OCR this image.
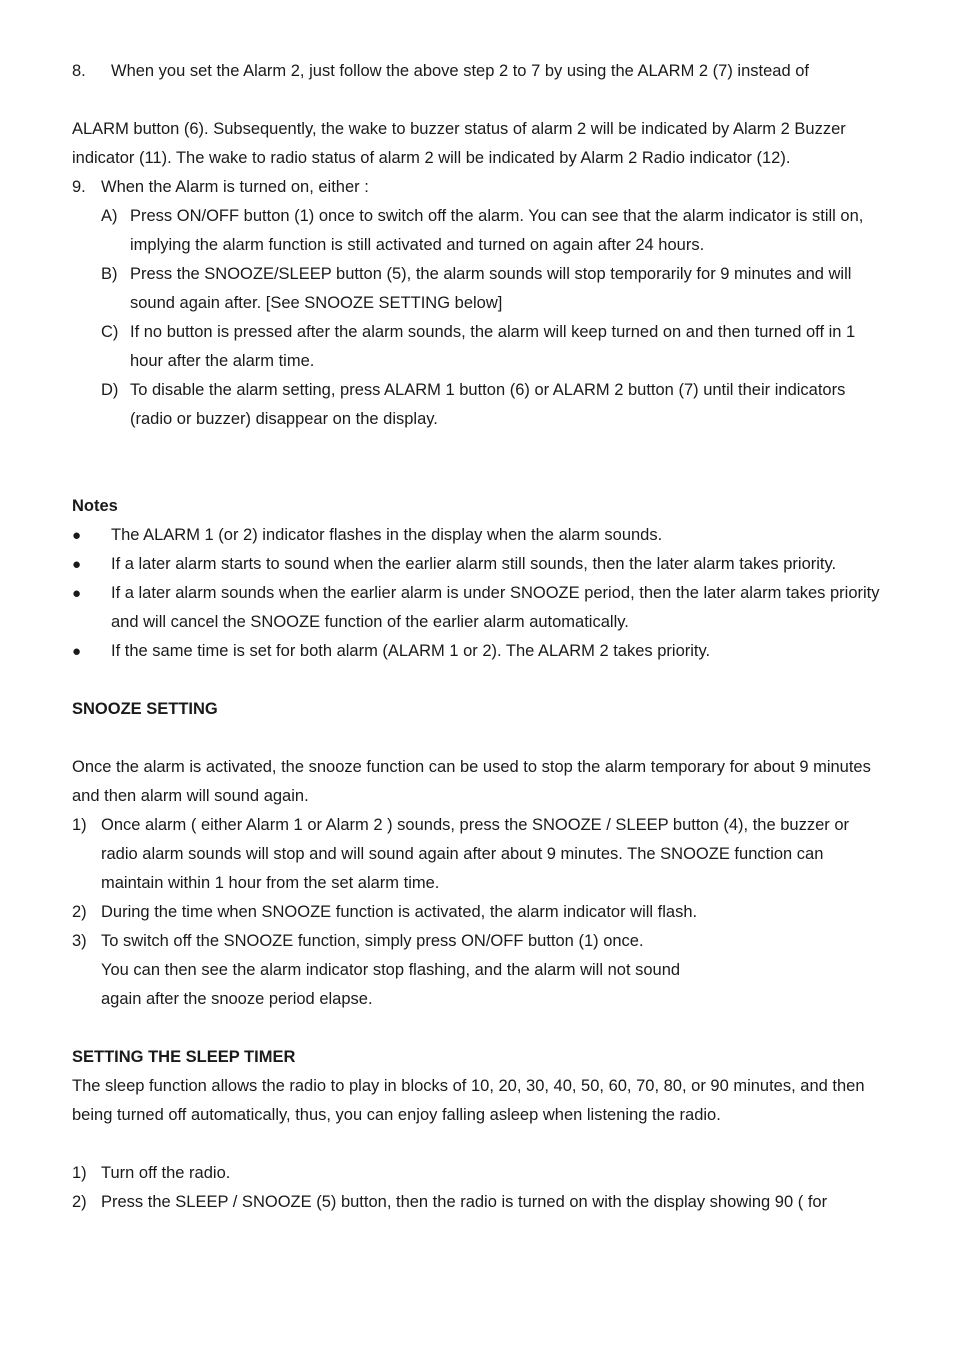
8.	When you set the Alarm 2, just follow the above step 2 to 7 by using the ALARM 2 (7) instead of

ALARM button (6). Subsequently, the wake to buzzer status of alarm 2 will be indicated by Alarm 2 Buzzer indicator (11). The wake to radio status of alarm 2 will be indicated by Alarm 2 Radio indicator (12).

9. When the Alarm is turned on, either :
A) Press ON/OFF button (1) once to switch off the alarm. You can see that the alarm indicator is still on, implying the alarm function is still activated and turned on again after 24 hours.
B) Press the SNOOZE/SLEEP button (5), the alarm sounds will stop temporarily for 9 minutes and will sound again after. [See SNOOZE SETTING below]
C) If no button is pressed after the alarm sounds, the alarm will keep turned on and then turned off in 1 hour after the alarm time.
D) To disable the alarm setting, press ALARM 1 button (6) or ALARM 2 button (7) until their indicators (radio or buzzer) disappear on the display.

Notes

●	The ALARM 1 (or 2) indicator flashes in the display when the alarm sounds.
●	If a later alarm starts to sound when the earlier alarm still sounds, then the later alarm takes priority.
●	If a later alarm sounds when the earlier alarm is under SNOOZE period, then the later alarm takes priority and will cancel the SNOOZE function of the earlier alarm automatically.
●	If the same time is set for both alarm (ALARM 1 or 2). The ALARM 2 takes priority.

SNOOZE SETTING

Once the alarm is activated, the snooze function can be used to stop the alarm temporary for about 9 minutes and then alarm will sound again.

1) Once alarm ( either Alarm 1 or Alarm 2 ) sounds, press the SNOOZE / SLEEP button (4), the buzzer or radio alarm sounds will stop and will sound again after about 9 minutes. The SNOOZE function can maintain within 1 hour from the set alarm time.
2) During the time when SNOOZE function is activated, the alarm indicator will flash.
3) To switch off the SNOOZE function, simply press ON/OFF button (1) once.

You can then see the alarm indicator stop flashing, and the alarm will not sound

again after the snooze period elapse.

SETTING THE SLEEP TIMER

The sleep function allows the radio to play in blocks of 10, 20, 30, 40, 50, 60, 70, 80, or 90 minutes, and then being turned off automatically, thus, you can enjoy falling asleep when listening the radio.

1) Turn off the radio.
2) Press the SLEEP / SNOOZE (5) button, then the radio is turned on with the display showing 90 ( for
